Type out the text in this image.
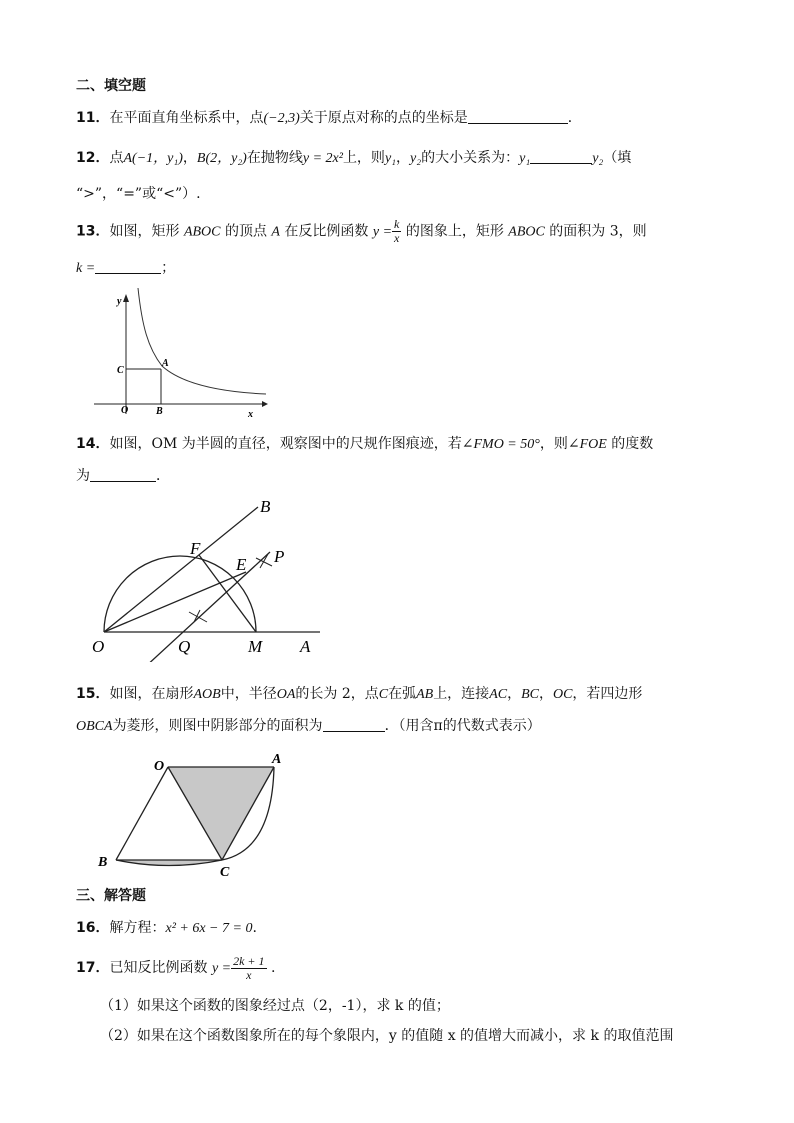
二、填空题
11．在平面直角坐标系中，点(−2,3)关于原点对称的点的坐标是	．
12．点A(−1，y₁)，B(2，y₂)在抛物线y = 2x²上，则y₁，y₂的大小关系为：y₁	y₂（填
“>”，“=”或“<”）.
13．如图，矩形 ABOC 的顶点 A 在反比例函数 $y = \frac{k}{x}$ 的图象上，矩形 ABOC 的面积为 3，则
k =	；
y
x
O	B
C
A
14．如图，OM 为半圆的直径，观察图中的尺规作图痕迹，若∠FMO = 50°，则∠FOE 的度数
为	．
B
F
E P
O	Q	M A
15．如图，在扇形AOB中，半径OA的长为 2，点C在弧AB上，连接AC，BC，OC，若四边形
OBCA为菱形，则图中阴影部分的面积为	．（用含π的代数式表示）
O	A
B
C
三、解答题
16．解方程：x² + 6x − 7 = 0.
17．已知反比例函数 $y = \frac{2k + 1}{x}$ .
（1）如果这个函数的图象经过点（2，-1），求 k 的值；
（2）如果在这个函数图象所在的每个象限内，y 的值随 x 的值增大而减小，求 k 的取值范围
